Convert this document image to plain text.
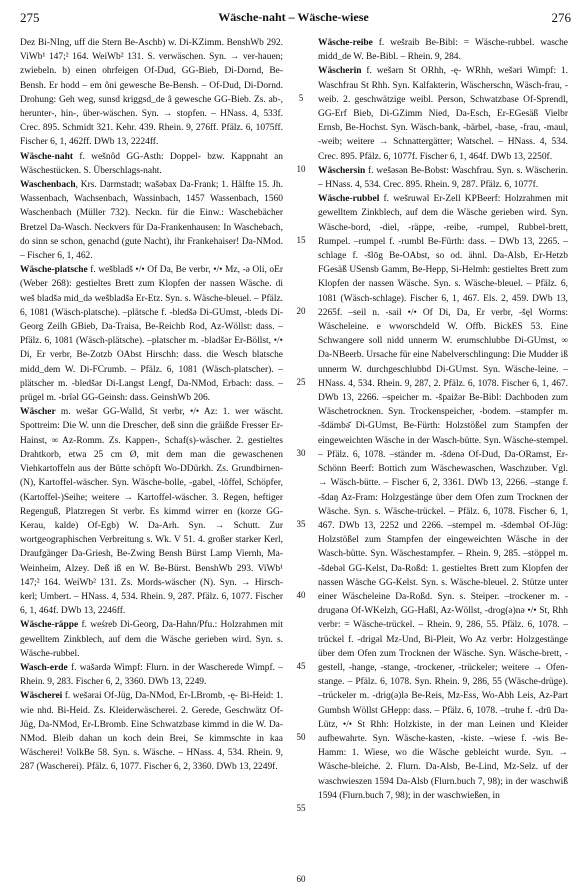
275	Wäsche-naht – Wäsche-wiese	276

Dez Bi-NIng, uff die Stern Be-Aschb) w. Di-KZimm. BenshWb 292. ViWb¹ 147;² 164. WeiWb² 131. S. verwäschen. Syn. → ver-hauen; zwiebeln. b) einen ohrfeigen Of-Dud, GG-Bieb, Di-Dornd, Be-Bensh. Er hodd – em ôni gewesche Be-Bensh. – Of-Dud, Di-Dornd. Drohung: Geh weg, sunsd kriggsd_de â gewesche GG-Bieb. Zs. ab-, herunter-, hin-, über-wäschen. Syn. → stopfen. – HNass. 4, 533f. Crec. 895. Schmidt 321. Kehr. 439. Rhein. 9, 276ff. Pfälz. 6, 1075ff. Fischer 6, 1, 462ff. DWb 13, 2224ff.

Wäsche-naht f. wešnôd GG-Asth: Doppel- bzw. Kappnaht an Wäschestücken. S. Überschlags-naht.

Waschenbach, Krs. Darmstadt; wašəbax Da-Frank; 1. Hälfte 15. Jh. Wassenbach, Wachsenbach, Wassinbach, 1457 Wassenbach, 1560 Waschenbach (Müller 732). Neckn. für die Einw.: Waschebächer Bretzel Da-Wasch. Neckvers für Da-Frankenhausen: In Waschebach, do sinn se schon, genachd (gute Nacht), ihr Frankehaiser! Da-NMod. – Fischer 6, 1, 462.

Wäsche-platsche f. wešbladš •/• Of Da, Be verbr, •/• Mz, -ə Oli, oEr (Weber 268): gestieltes Brett zum Klopfen der nassen Wäsche. di weš bladšə mid_də wešbladšə Er-Etz. Syn. s. Wäsche-bleuel. – Pfälz. 6, 1081 (Wäsch-platsche). –plätsche f. -bledšə Di-GUmst, -bleds Di-Georg Zeilh GBieb, Da-Traisa, Be-Reichb Rod, Az-Wöllst: dass. – Pfälz. 6, 1081 (Wäsch-plätsche). –platscher m. -bladšər Er-Böllst, •/• Di, Er verbr, Be-Zotzb OAbst Hirschh: dass. die Wesch blatsche midd_dem W. Di-FCrumb. – Pfälz. 6, 1081 (Wäsch-platscher). –plätscher m. -bledšər Di-Langst Lengf, Da-NMod, Erbach: dass. –prügel m. -brîəl GG-Geinsh: dass. GeinshWb 206.

Wäscher m. wešər GG-Walld, St verbr, •/• Az: 1. wer wäscht. Spottreim: Die W. unn die Drescher, deß sinn die gräißde Fresser Er-Hainst, ∞ Az-Romm. Zs. Kappen-, Schaf(s)-wäscher. 2. gestieltes Drahtkorb, etwa 25 cm Ø, mit dem man die gewaschenen Viehkartoffeln aus der Bütte schöpft Wo-DDürkh. Zs. Grundbirnen- (N), Kartoffel-wäscher. Syn. Wäsche-bolle, -gabel, -löffel, Schöpfer, (Kartoffel-)Seihe; weitere → Kartoffel-wäscher. 3. Regen, heftiger Regenguß, Platzregen St verbr. Es kimmd wirrer en (korze GG-Kerau, kalde) Of-Egb) W. Da-Arh. Syn. → Schutt. Zur wortgeographischen Verbreitung s. Wk. V 51. 4. großer starker Kerl, Draufgänger Da-Griesh, Be-Zwing Bensh Bürst Lamp Viernh, Ma-Weinheim, Alzey. Deß iß en W. Be-Bürst. BenshWb 293. ViWb¹ 147;² 164. WeiWb² 131. Zs. Mords-wäscher (N). Syn. → Hirsch-kerl; Umbert. – HNass. 4, 534. Rhein. 9, 287. Pfälz. 6, 1077. Fischer 6, 1, 464f. DWb 13, 2246ff.

Wäsche-räppe f. weśreb Di-Georg, Da-Hahn/Pfu.: Holzrahmen mit gewelltem Zinkblech, auf dem die Wäsche gerieben wird. Syn. s. Wäsche-rubbel.

Wasch-erde f. wašərdə Wimpf: Flurn. in der Wascherede Wimpf. – Rhein. 9, 283. Fischer 6, 2, 3360. DWb 13, 2249.

Wäscherei f. wešərai Of-Jüg, Da-NMod, Er-LBromb, -ę- Bi-Heid: 1. wie nhd. Bi-Heid. Zs. Kleiderwäscherei. 2. Gerede, Geschwätz Of-Jüg, Da-NMod, Er-LBromb. Eine Schwatzbase kimmd in die W. Da-NMod. Bleib dahan un koch dein Brei, Se kimmschte in kaa Wäscherei! VolkBe 58. Syn. s. Wäsche. – HNass. 4, 534. Rhein. 9, 287 (Wascherei). Pfälz. 6, 1077. Fischer 6, 2, 3360. DWb 13, 2249f.

5
10
15
20
25
30
35
40
45
50
55
60

Wäsche-reibe f. wešraib Be-Bibl: = Wäsche-rubbel. wasche midd_de W. Be-Bibl. – Rhein. 9, 284.

Wäscherin f. wešərn St ORhh, -ę- WRhh, wešəri Wimpf: 1. Waschfrau St Rhh. Syn. Kalfakterin, Wäscherschn, Wäsch-frau, -weib. 2. geschwätzige weibl. Person, Schwatzbase Of-Sprendl, GG-Erf Bieb, Di-GZimm Nied, Da-Esch, Er-EGesäß Vielbr Ernsb, Be-Hochst. Syn. Wäsch-bank, -bärbel, -base, -frau, -maul, -weib; weitere → Schnattergätter; Watschel. – HNass. 4, 534. Crec. 895. Pfälz. 6, 1077f. Fischer 6, 1, 464f. DWb 13, 2250f.

Wäschersin f. wešəsən Be-Bobst: Waschfrau. Syn. s. Wäscherin. – HNass. 4, 534. Crec. 895. Rhein. 9, 287. Pfälz. 6, 1077f.

Wäsche-rubbel f. wešruwəl Er-Zell KPBeerf: Holzrahmen mit gewelltem Zinkblech, auf dem die Wäsche gerieben wird. Syn. Wäsche-bord, -diel, -räppe, -reibe, -rumpel, Rubbel-brett, Rumpel. –rumpel f. -rumbl Be-Fürth: dass. – DWb 13, 2265. –schlage f. -šlōg Be-OAbst, so od. ähnl. Da-Alsb, Er-Hetzb FGesäß USensb Gamm, Be-Hepp, Si-Helmh: gestieltes Brett zum Klopfen der nassen Wäsche. Syn. s. Wäsche-bleuel. – Pfälz. 6, 1081 (Wäsch-schlage). Fischer 6, 1, 467. Els. 2, 459. DWb 13, 2265f. –seil n. -sail •/• Of Di, Da, Er verbr, -šęl Worms: Wäscheleine. e wworschdeld W. Offb. BickES 53. Eine Schwangere soll nidd unnerm W. erumschlubbe Di-GUmst, ∞ Da-NBeerb. Ursache für eine Nabelverschlingung: Die Mudder iß unnerm W. durchgeschlubbd Di-GUmst. Syn. Wäsche-leine. – HNass. 4, 534. Rhein. 9, 287, 2. Pfälz. 6, 1078. Fischer 6, 1, 467. DWb 13, 2266. –speicher m. -špaižər Be-Bibl: Dachboden zum Wäschetrocknen. Syn. Trockenspeicher, -bodem. –stampfer m. -šdämbə̌ Di-GUmst, Be-Fürth: Holzstößel zum Stampfen der eingeweichten Wäsche in der Wasch-bütte. Syn. Wäsche-stempel. – Pfälz. 6, 1078. –ständer m. -šdenə Of-Dud, Da-ORamst, Er-Schönn Beerf: Bottich zum Wäschewaschen, Waschzuber. Vgl. → Wäsch-bütte. – Fischer 6, 2, 3361. DWb 13, 2266. –stange f. -šdaŋ Az-Fram: Holzgestänge über dem Ofen zum Trocknen der Wäsche. Syn. s. Wäsche-trückel. – Pfälz. 6, 1078. Fischer 6, 1, 467. DWb 13, 2252 und 2266. –stempel m. -šdembəl Of-Jüg: Holzstößel zum Stampfen der eingeweichten Wäsche in der Wasch-bütte. Syn. Wäschestampfer. – Rhein. 9, 285. –stöppel m. -šdebəl GG-Kelst, Da-Roßd: 1. gestieltes Brett zum Klopfen der nassen Wäsche GG-Kelst. Syn. s. Wäsche-bleuel. 2. Stütze unter einer Wäscheleine Da-Roßd. Syn. s. Steiper. –trockener m. -drugənə Of-WKelzh, GG-Haßl, Az-Wöllst, -drog(ə)nə •/• St, Rhh verbr: = Wäsche-trückel. – Rhein. 9, 286, 55. Pfälz. 6, 1078. –trückel f. -drigəl Mz-Und, Bi-Pleit, Wo Az verbr: Holzgestänge über dem Ofen zum Trocknen der Wäsche. Syn. Wäsche-brett, -gestell, -hange, -stange, -trockener, -trückeler; weitere → Ofen-stange. – Pfälz. 6, 1078. Syn. Rhein. 9, 286, 55 (Wäsche-drüge). –trückeler m. -driɡ(ə)lə Be-Reis, Mz-Ess, Wo-Abh Leis, Az-Part Gumbsh Wöllst GHepp: dass. – Pfälz. 6, 1078. –truhe f. -drū Da-Lütz, •/• St Rhh: Holzkiste, in der man Leinen und Kleider aufbewahrte. Syn. Wäsche-kasten, -kiste. –wiese f. -wis Be-Hamm: 1. Wiese, wo die Wäsche gebleicht wurde. Syn. → Wäsche-bleiche. 2. Flurn. Da-Alsb, Be-Lind, Mz-Selz. uf der waschwieszen 1594 Da-Alsb (Flurn.buch 7, 98); in der waschwiß 1594 (Flurn.buch 7, 98); in der waschwießen, in
